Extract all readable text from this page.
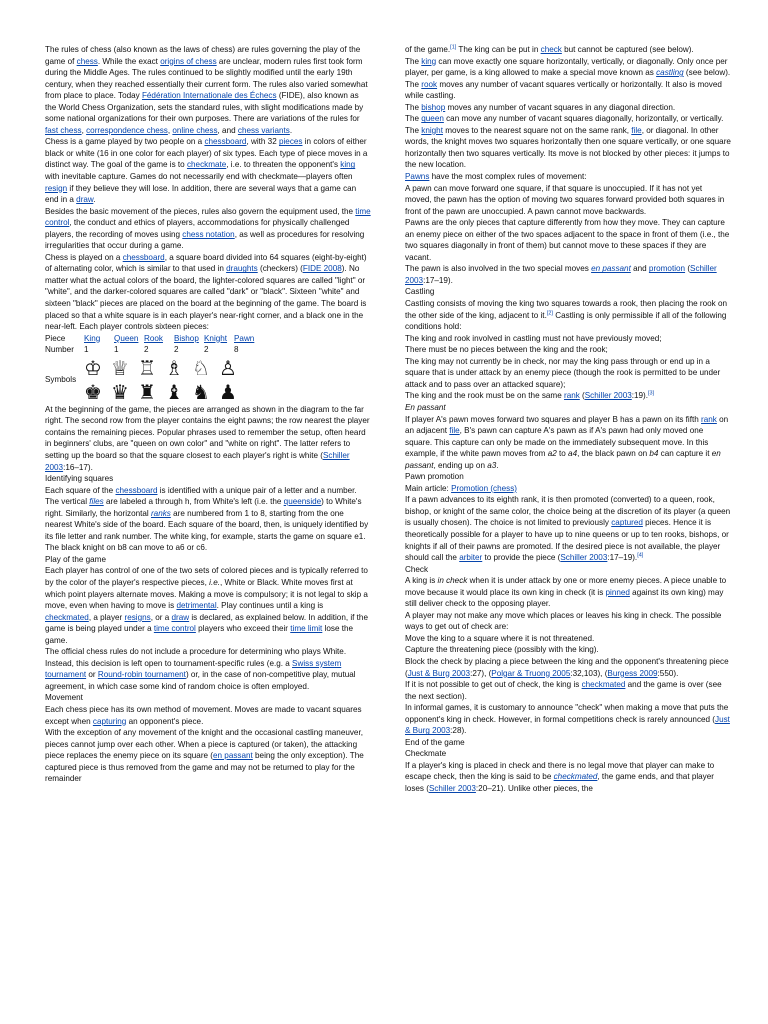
The rules of chess (also known as the laws of chess) are rules governing the play of the game of chess. While the exact origins of chess are unclear, modern rules first took form during the Middle Ages. The rules continued to be slightly modified until the early 19th century, when they reached essentially their current form. The rules also varied somewhat from place to place. Today Fédération Internationale des Échecs (FIDE), also known as the World Chess Organization, sets the standard rules, with slight modifications made by some national organizations for their own purposes. There are variations of the rules for fast chess, correspondence chess, online chess, and chess variants.

Chess is a game played by two people on a chessboard, with 32 pieces in colors of either black or white (16 in one color for each player) of six types. Each type of piece moves in a distinct way. The goal of the game is to checkmate, i.e. to threaten the opponent's king with inevitable capture. Games do not necessarily end with checkmate—players often resign if they believe they will lose. In addition, there are several ways that a game can end in a draw.

Besides the basic movement of the pieces, rules also govern the equipment used, the time control, the conduct and ethics of players, accommodations for physically challenged players, the recording of moves using chess notation, as well as procedures for resolving irregularities that occur during a game.

Chess is played on a chessboard, a square board divided into 64 squares (eight-by-eight) of alternating color, which is similar to that used in draughts (checkers) (FIDE 2008). No matter what the actual colors of the board, the lighter-colored squares are called "light" or "white", and the darker-colored squares are called "dark" or "black". Sixteen "white" and sixteen "black" pieces are placed on the board at the beginning of the game. The board is placed so that a white square is in each player's near-right corner, and a black one in the near-left. Each player controls sixteen pieces:

Piece	King	Queen	Rook	Bishop	Knight	Pawn
Number	1	1	2	2	2	8
Symbols	♔ ♕ ♖ ♗ ♘ ♙
♚ ♛ ♜ ♝ ♞ ♟					

At the beginning of the game, the pieces are arranged as shown in the diagram to the far right. The second row from the player contains the eight pawns; the row nearest the player contains the remaining pieces. Popular phrases used to remember the setup, often heard in beginners' clubs, are "queen on own color" and "white on right". The latter refers to setting up the board so that the square closest to each player's right is white (Schiller 2003:16–17).

Identifying squares

Each square of the chessboard is identified with a unique pair of a letter and a number. The vertical files are labeled a through h, from White's left (i.e. the queenside) to White's right. Similarly, the horizontal ranks are numbered from 1 to 8, starting from the one nearest White's side of the board. Each square of the board, then, is uniquely identified by its file letter and rank number. The white king, for example, starts the game on square e1. The black knight on b8 can move to a6 or c6.

Play of the game

Each player has control of one of the two sets of colored pieces and is typically referred to by the color of the player's respective pieces, i.e., White or Black. White moves first at which point players alternate moves. Making a move is compulsory; it is not legal to skip a move, even when having to move is detrimental. Play continues until a king is checkmated, a player resigns, or a draw is declared, as explained below. In addition, if the game is being played under a time control players who exceed their time limit lose the game.

The official chess rules do not include a procedure for determining who plays White. Instead, this decision is left open to tournament-specific rules (e.g. a Swiss system tournament or Round-robin tournament) or, in the case of non-competitive play, mutual agreement, in which case some kind of random choice is often employed.

Movement

Each chess piece has its own method of movement. Moves are made to vacant squares except when capturing an opponent's piece.

With the exception of any movement of the knight and the occasional castling maneuver, pieces cannot jump over each other. When a piece is captured (or taken), the attacking piece replaces the enemy piece on its square (en passant being the only exception). The captured piece is thus removed from the game and may not be returned to play for the remainder

of the game.[1] The king can be put in check but cannot be captured (see below).

The king can move exactly one square horizontally, vertically, or diagonally. Only once per player, per game, is a king allowed to make a special move known as castling (see below).

The rook moves any number of vacant squares vertically or horizontally. It also is moved while castling.

The bishop moves any number of vacant squares in any diagonal direction.

The queen can move any number of vacant squares diagonally, horizontally, or vertically.

The knight moves to the nearest square not on the same rank, file, or diagonal. In other words, the knight moves two squares horizontally then one square vertically, or one square horizontally then two squares vertically. Its move is not blocked by other pieces: it jumps to the new location.

Pawns have the most complex rules of movement:

A pawn can move forward one square, if that square is unoccupied. If it has not yet moved, the pawn has the option of moving two squares forward provided both squares in front of the pawn are unoccupied. A pawn cannot move backwards.

Pawns are the only pieces that capture differently from how they move. They can capture an enemy piece on either of the two spaces adjacent to the space in front of them (i.e., the two squares diagonally in front of them) but cannot move to these spaces if they are vacant.

The pawn is also involved in the two special moves en passant and promotion (Schiller 2003:17–19).

Castling

Castling consists of moving the king two squares towards a rook, then placing the rook on the other side of the king, adjacent to it.[2] Castling is only permissible if all of the following conditions hold:

The king and rook involved in castling must not have previously moved;

There must be no pieces between the king and the rook;

The king may not currently be in check, nor may the king pass through or end up in a square that is under attack by an enemy piece (though the rook is permitted to be under attack and to pass over an attacked square);

The king and the rook must be on the same rank (Schiller 2003:19).[3]

En passant

If player A's pawn moves forward two squares and player B has a pawn on its fifth rank on an adjacent file, B's pawn can capture A's pawn as if A's pawn had only moved one square. This capture can only be made on the immediately subsequent move. In this example, if the white pawn moves from a2 to a4, the black pawn on b4 can capture it en passant, ending up on a3.

Pawn promotion

Main article: Promotion (chess)

If a pawn advances to its eighth rank, it is then promoted (converted) to a queen, rook, bishop, or knight of the same color, the choice being at the discretion of its player (a queen is usually chosen). The choice is not limited to previously captured pieces. Hence it is theoretically possible for a player to have up to nine queens or up to ten rooks, bishops, or knights if all of their pawns are promoted. If the desired piece is not available, the player should call the arbiter to provide the piece (Schiller 2003:17–19).[4]

Check

A king is in check when it is under attack by one or more enemy pieces. A piece unable to move because it would place its own king in check (it is pinned against its own king) may still deliver check to the opposing player.

A player may not make any move which places or leaves his king in check. The possible ways to get out of check are:

Move the king to a square where it is not threatened.

Capture the threatening piece (possibly with the king).

Block the check by placing a piece between the king and the opponent's threatening piece (Just & Burg 2003:27), (Polgar & Truong 2005:32,103), (Burgess 2009:550).

If it is not possible to get out of check, the king is checkmated and the game is over (see the next section).

In informal games, it is customary to announce "check" when making a move that puts the opponent's king in check. However, in formal competitions check is rarely announced (Just & Burg 2003:28).

End of the game

Checkmate

If a player's king is placed in check and there is no legal move that player can make to escape check, then the king is said to be checkmated, the game ends, and that player loses (Schiller 2003:20–21). Unlike other pieces, the
